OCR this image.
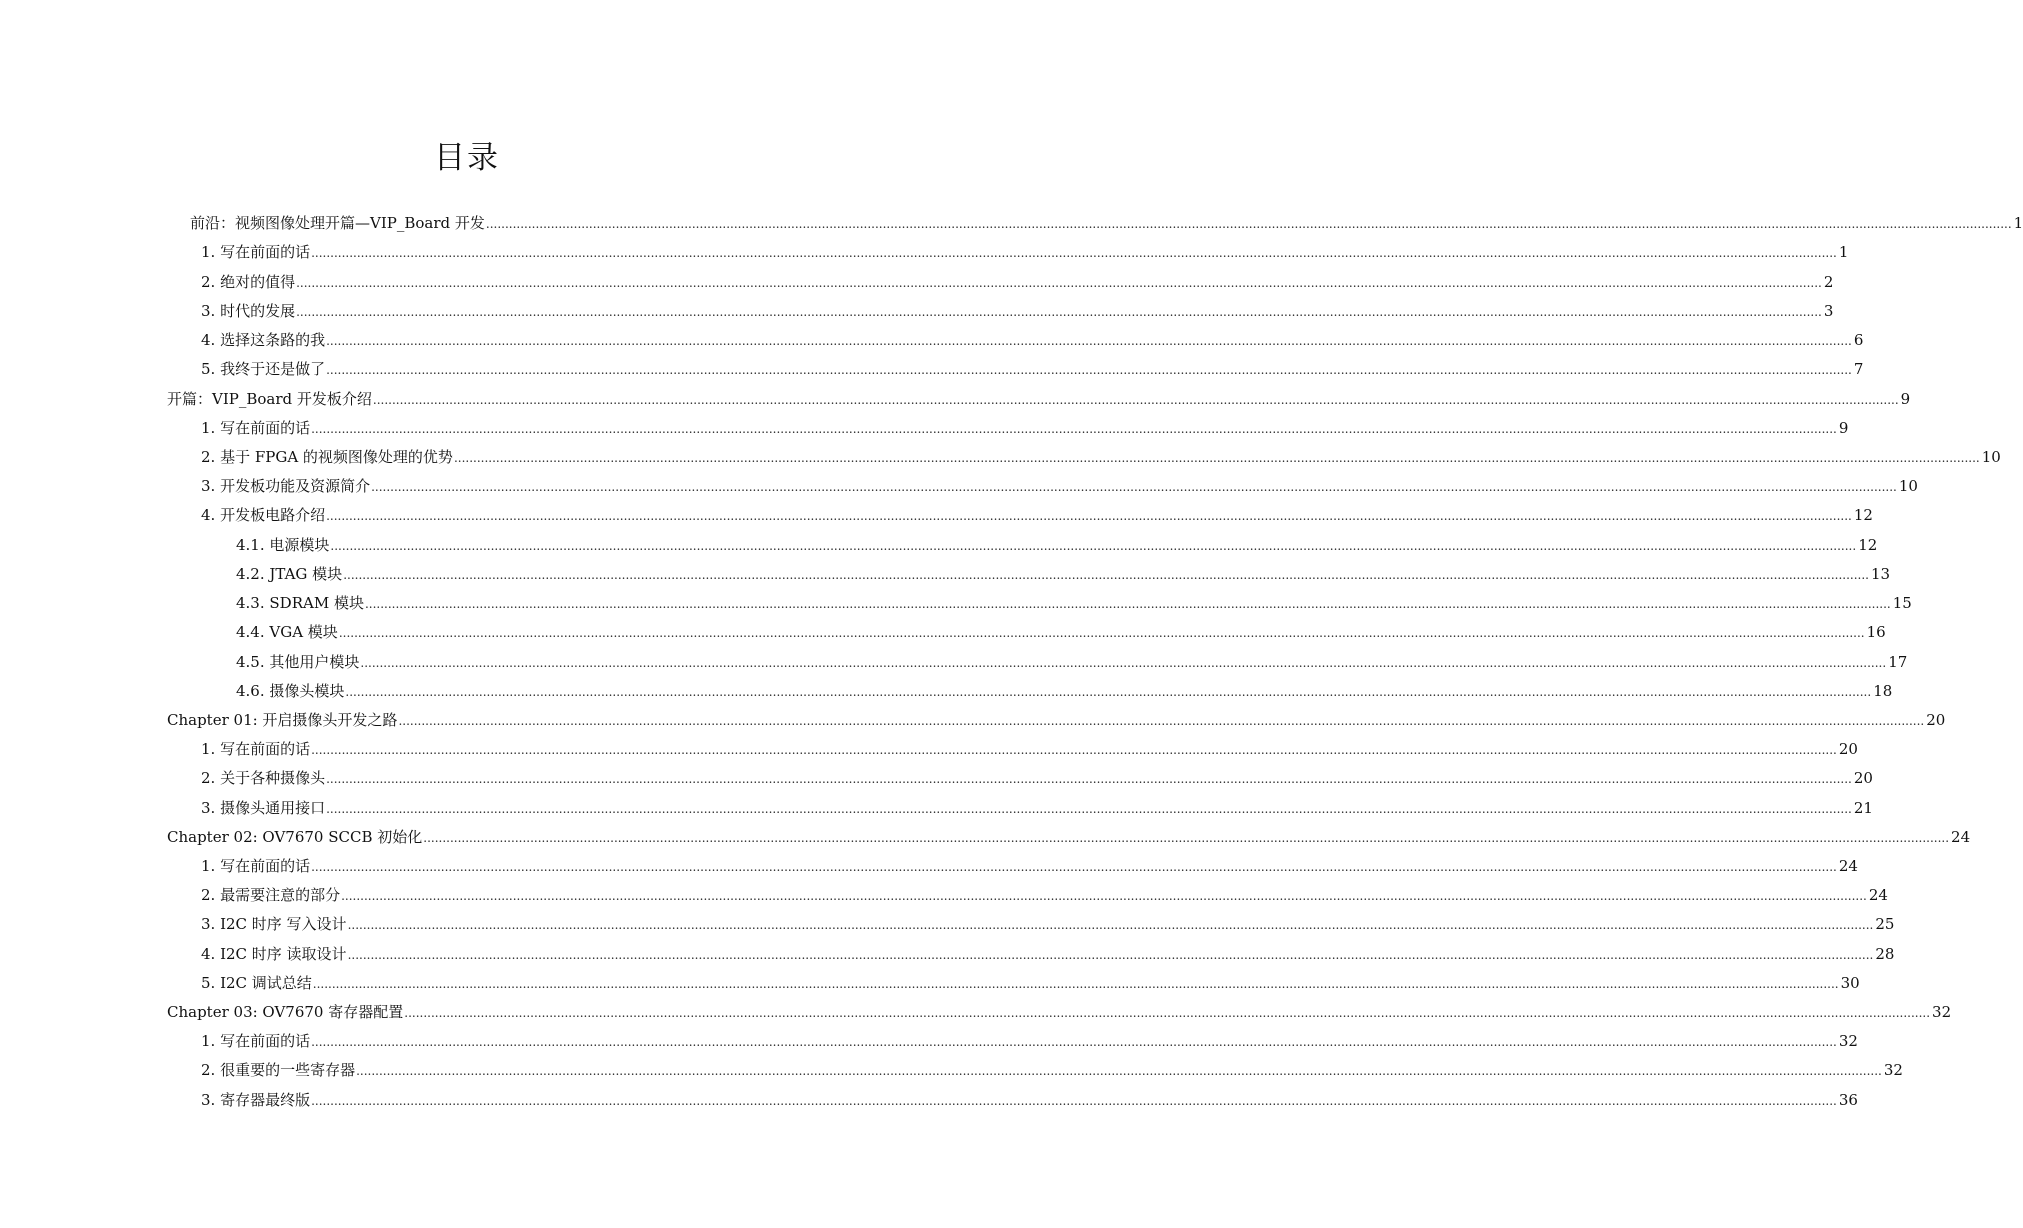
目录
前沿：视频图像处理开篇—VIP_Board 开发 ................................................................................................................................................................................................................................................................................................................................................................................................................ 1
1. 写在前面的话 ................................................................................................................................................................................................................................................................................................................................................................................................................ 1
2. 绝对的值得 ................................................................................................................................................................................................................................................................................................................................................................................................................ 2
3. 时代的发展 ................................................................................................................................................................................................................................................................................................................................................................................................................ 3
4. 选择这条路的我 ................................................................................................................................................................................................................................................................................................................................................................................................................ 6
5. 我终于还是做了 ................................................................................................................................................................................................................................................................................................................................................................................................................ 7
开篇：VIP_Board 开发板介绍 ................................................................................................................................................................................................................................................................................................................................................................................................................ 9
1. 写在前面的话 ................................................................................................................................................................................................................................................................................................................................................................................................................ 9
2. 基于 FPGA 的视频图像处理的优势 ................................................................................................................................................................................................................................................................................................................................................................................................................ 10
3. 开发板功能及资源简介 ................................................................................................................................................................................................................................................................................................................................................................................................................ 10
4. 开发板电路介绍 ................................................................................................................................................................................................................................................................................................................................................................................................................ 12
4.1. 电源模块 ................................................................................................................................................................................................................................................................................................................................................................................................................ 12
4.2. JTAG 模块 ................................................................................................................................................................................................................................................................................................................................................................................................................ 13
4.3. SDRAM 模块 ................................................................................................................................................................................................................................................................................................................................................................................................................ 15
4.4. VGA 模块 ................................................................................................................................................................................................................................................................................................................................................................................................................ 16
4.5. 其他用户模块 ................................................................................................................................................................................................................................................................................................................................................................................................................ 17
4.6. 摄像头模块 ................................................................................................................................................................................................................................................................................................................................................................................................................ 18
Chapter 01: 开启摄像头开发之路 ................................................................................................................................................................................................................................................................................................................................................................................................................ 20
1. 写在前面的话 ................................................................................................................................................................................................................................................................................................................................................................................................................ 20
2. 关于各种摄像头 ................................................................................................................................................................................................................................................................................................................................................................................................................ 20
3. 摄像头通用接口 ................................................................................................................................................................................................................................................................................................................................................................................................................ 21
Chapter 02: OV7670 SCCB 初始化 ................................................................................................................................................................................................................................................................................................................................................................................................................ 24
1. 写在前面的话 ................................................................................................................................................................................................................................................................................................................................................................................................................ 24
2. 最需要注意的部分 ................................................................................................................................................................................................................................................................................................................................................................................................................ 24
3. I2C 时序 写入设计 ................................................................................................................................................................................................................................................................................................................................................................................................................ 25
4. I2C 时序 读取设计 ................................................................................................................................................................................................................................................................................................................................................................................................................ 28
5. I2C 调试总结 ................................................................................................................................................................................................................................................................................................................................................................................................................ 30
Chapter 03: OV7670 寄存器配置 ................................................................................................................................................................................................................................................................................................................................................................................................................ 32
1. 写在前面的话 ................................................................................................................................................................................................................................................................................................................................................................................................................ 32
2. 很重要的一些寄存器 ................................................................................................................................................................................................................................................................................................................................................................................................................ 32
3. 寄存器最终版 ................................................................................................................................................................................................................................................................................................................................................................................................................ 36
